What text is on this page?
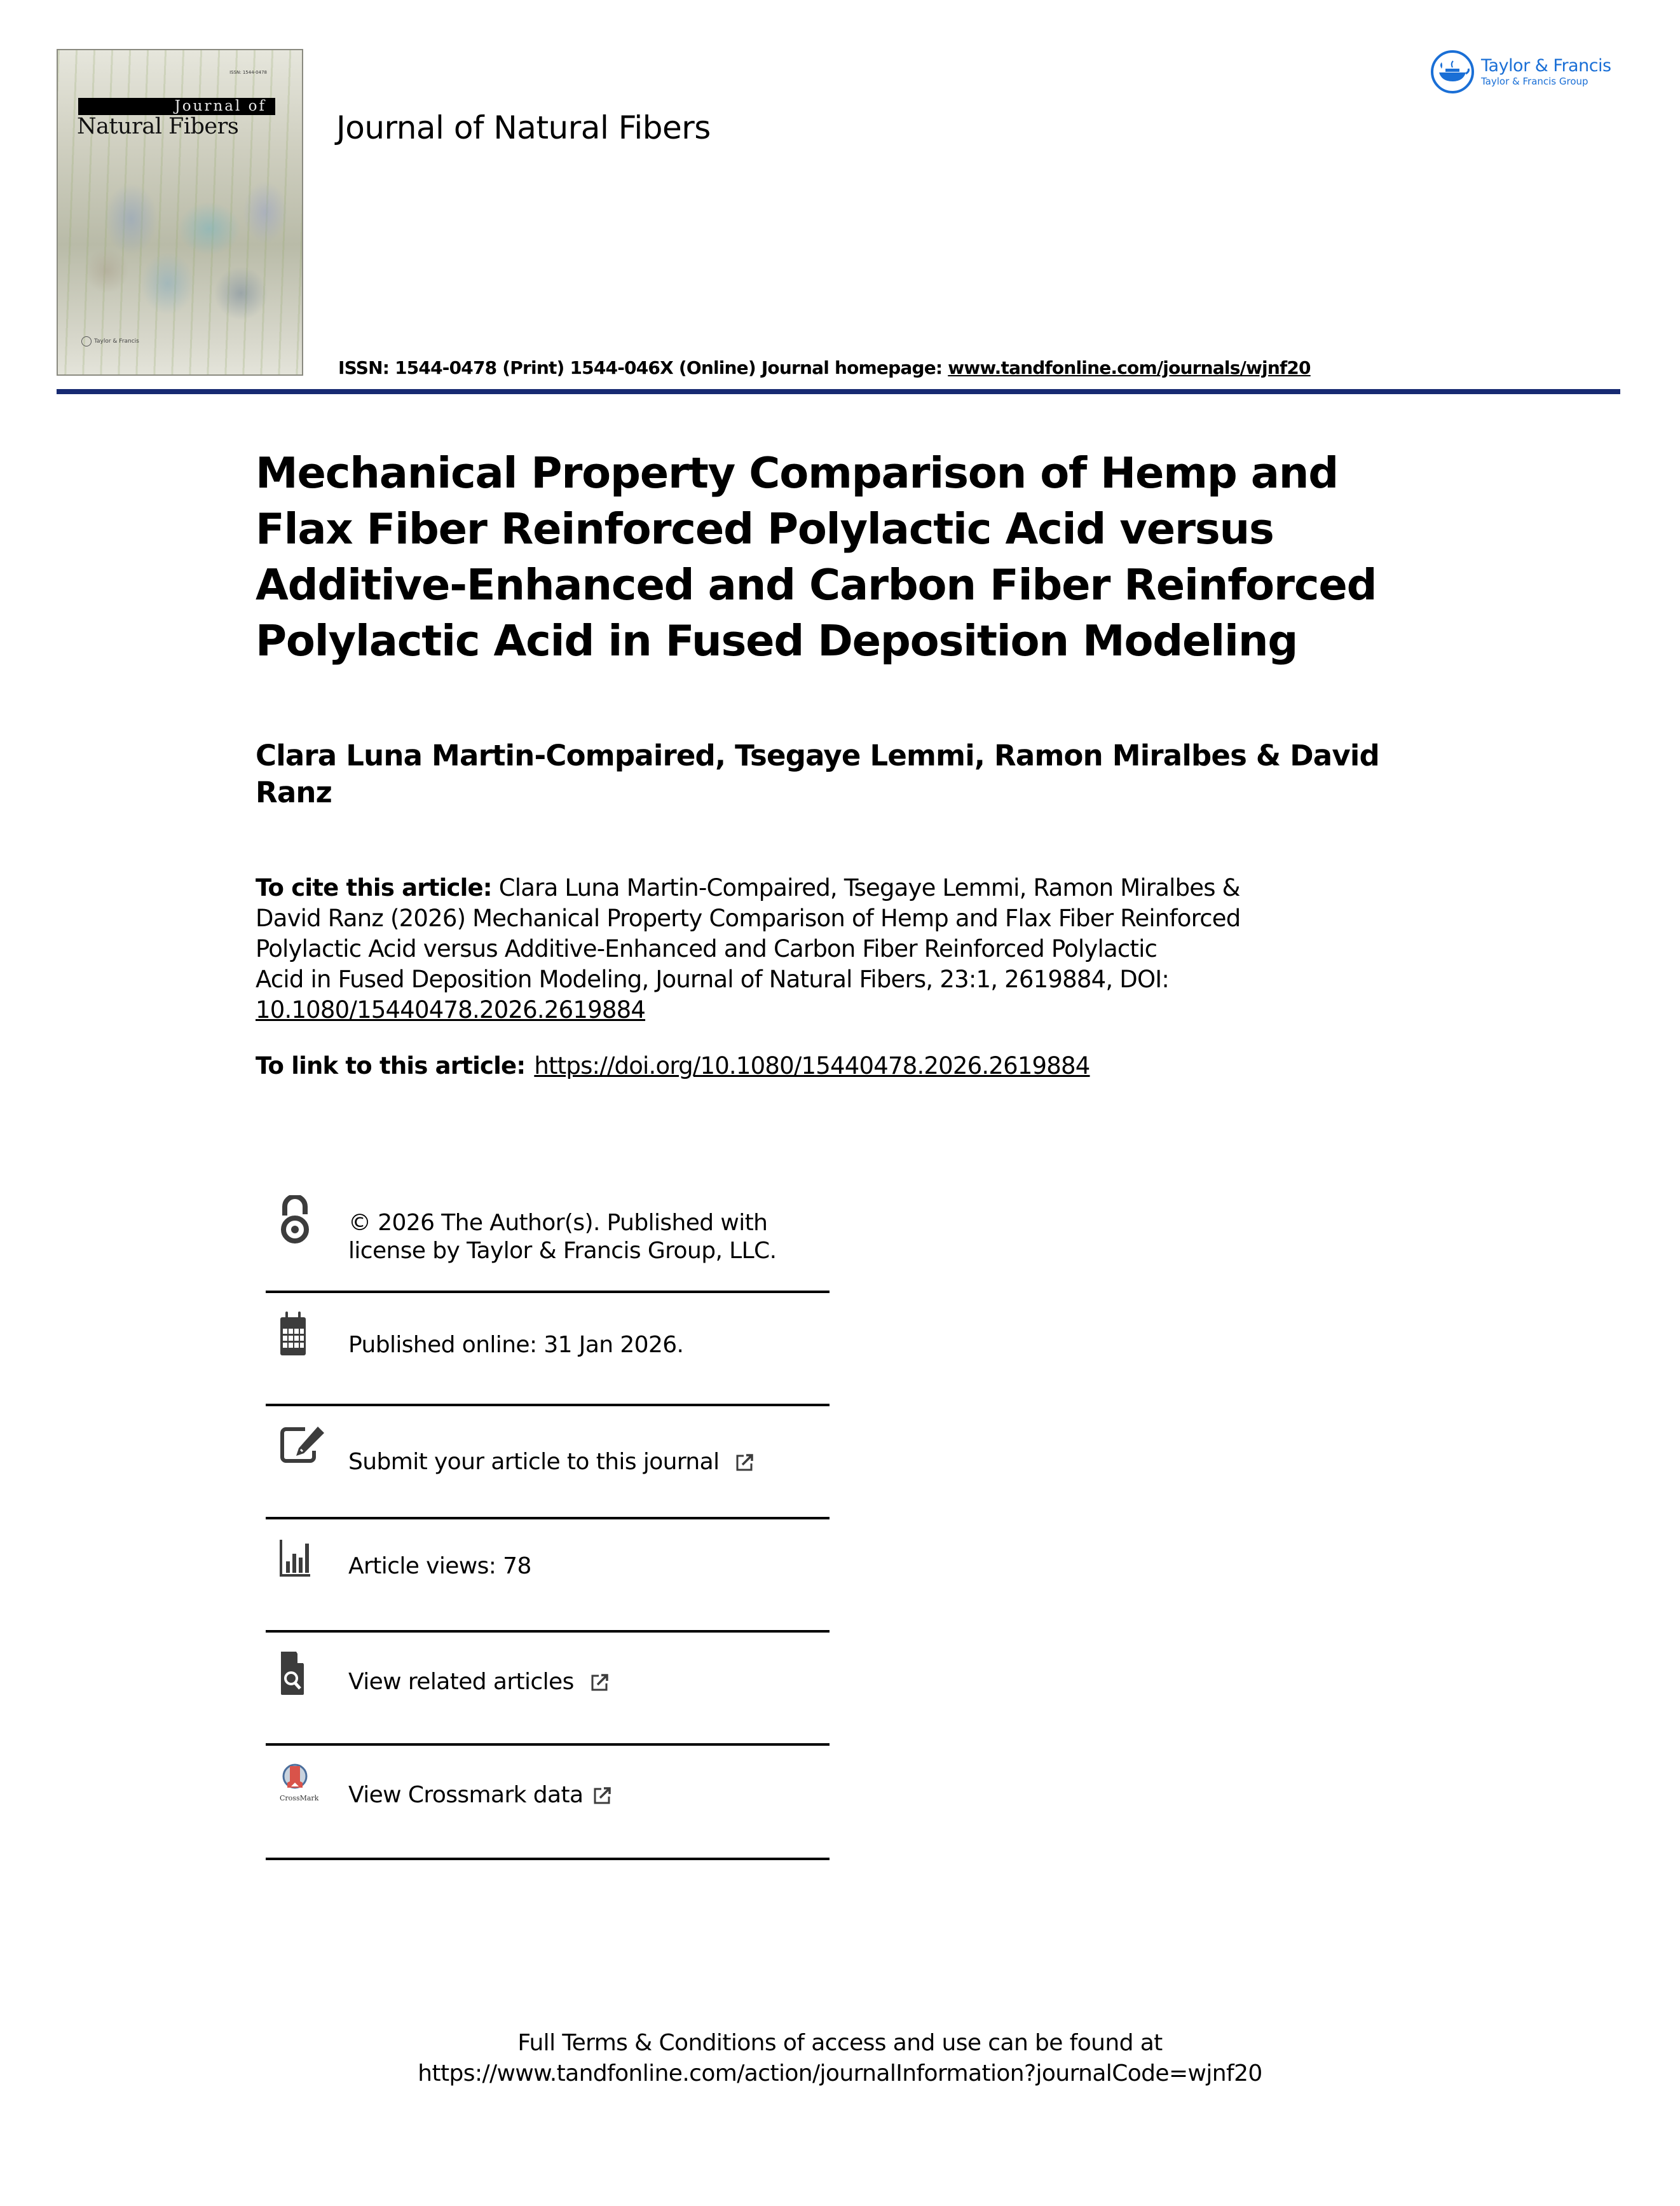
ISSN: 1544-0478
Journal of
Natural Fibers
Taylor & Francis
Journal of Natural Fibers
Taylor & Francis
Taylor & Francis Group
ISSN: 1544-0478 (Print) 1544-046X (Online) Journal homepage: www.tandfonline.com/journals/wjnf20
Mechanical Property Comparison of Hemp and
Flax Fiber Reinforced Polylactic Acid versus
Additive-Enhanced and Carbon Fiber Reinforced
Polylactic Acid in Fused Deposition Modeling
Clara Luna Martin-Compaired, Tsegaye Lemmi, Ramon Miralbes & David
Ranz
To cite this article: Clara Luna Martin-Compaired, Tsegaye Lemmi, Ramon Miralbes &
David Ranz (2026) Mechanical Property Comparison of Hemp and Flax Fiber Reinforced
Polylactic Acid versus Additive-Enhanced and Carbon Fiber Reinforced Polylactic
Acid in Fused Deposition Modeling, Journal of Natural Fibers, 23:1, 2619884, DOI:
10.1080/15440478.2026.2619884
To link to this article: https://doi.org/10.1080/15440478.2026.2619884
© 2026 The Author(s). Published with
license by Taylor & Francis Group, LLC.
Published online: 31 Jan 2026.
Submit your article to this journal
Article views: 78
View related articles
CrossMark View Crossmark data
Full Terms & Conditions of access and use can be found at
https://www.tandfonline.com/action/journalInformation?journalCode=wjnf20
